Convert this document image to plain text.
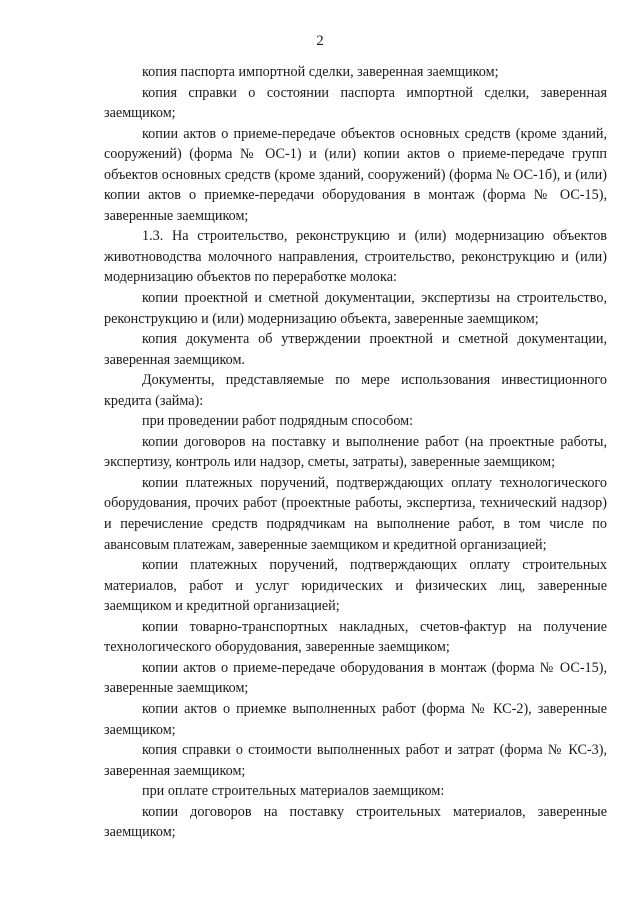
2

копия паспорта импортной сделки, заверенная заемщиком;

копия справки о состоянии паспорта импортной сделки, заверенная заемщиком;

копии актов о приеме-передаче объектов основных средств (кроме зданий, сооружений) (форма № ОС-1) и (или) копии актов о приеме-передаче групп объектов основных средств (кроме зданий, сооружений) (форма № ОС-1б), и (или) копии актов о приемке-передачи оборудования в монтаж (форма № ОС-15), заверенные заемщиком;

1.3. На строительство, реконструкцию и (или) модернизацию объектов животноводства молочного направления, строительство, реконструкцию и (или) модернизацию объектов по переработке молока:

копии проектной и сметной документации, экспертизы на строительство, реконструкцию и (или) модернизацию объекта, заверенные заемщиком;

копия документа об утверждении проектной и сметной документации, заверенная заемщиком.

Документы, представляемые по мере использования инвестиционного кредита (займа):

при проведении работ подрядным способом:

копии договоров на поставку и выполнение работ (на проектные работы, экспертизу, контроль или надзор, сметы, затраты), заверенные заемщиком;

копии платежных поручений, подтверждающих оплату технологического оборудования, прочих работ (проектные работы, экспертиза, технический надзор) и перечисление средств подрядчикам на выполнение работ, в том числе по авансовым платежам, заверенные заемщиком и кредитной организацией;

копии платежных поручений, подтверждающих оплату строительных материалов, работ и услуг юридических и физических лиц, заверенные заемщиком и кредитной организацией;

копии товарно-транспортных накладных, счетов-фактур на получение технологического оборудования, заверенные заемщиком;

копии актов о приеме-передаче оборудования в монтаж (форма № ОС-15), заверенные заемщиком;

копии актов о приемке выполненных работ (форма № КС-2), заверенные заемщиком;

копия справки о стоимости выполненных работ и затрат (форма № КС-3), заверенная заемщиком;

при оплате строительных материалов заемщиком:

копии договоров на поставку строительных материалов, заверенные заемщиком;
